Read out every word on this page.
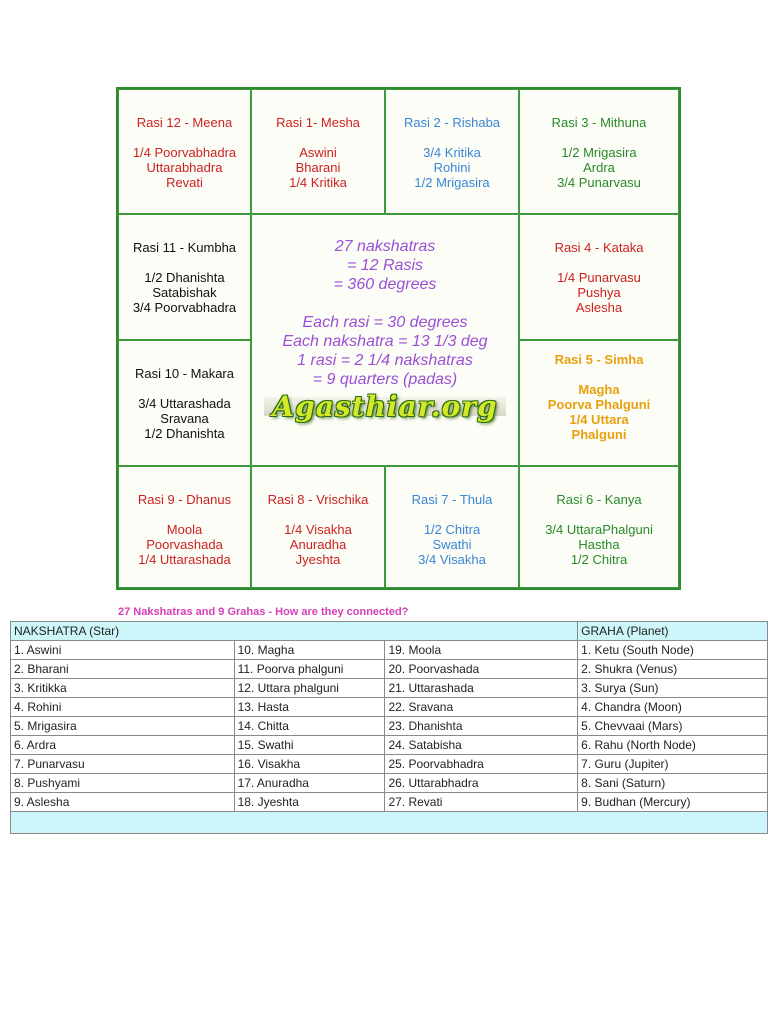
Rasi 12 - Meena
1/4 Poorvabhadra
Uttarabhadra
Revati
Rasi 1- Mesha
Aswini
Bharani
1/4 Kritika
Rasi 2 - Rishaba
3/4 Kritika
Rohini
1/2 Mrigasira
Rasi 3 - Mithuna
1/2 Mrigasira
Ardra
3/4 Punarvasu
Rasi 11 - Kumbha
1/2 Dhanishta
Satabishak
3/4 Poorvabhadra
27 nakshatras
= 12 Rasis
= 360 degrees
Each rasi = 30 degrees
Each nakshatra = 13 1/3 deg
1 rasi = 2 1/4 nakshatras
= 9 quarters (padas)
Agasthiar.org
Rasi 4 - Kataka
1/4 Punarvasu
Pushya
Aslesha
Rasi 10 - Makara
3/4 Uttarashada
Sravana
1/2 Dhanishta
Rasi 5 - Simha
Magha
Poorva Phalguni
1/4 Uttara
Phalguni
Rasi 9 - Dhanus
Moola
Poorvashada
1/4 Uttarashada
Rasi 8 - Vrischika
1/4 Visakha
Anuradha
Jyeshta
Rasi 7 - Thula
1/2 Chitra
Swathi
3/4 Visakha
Rasi 6 - Kanya
3/4 UttaraPhalguni
Hastha
1/2 Chitra
27 Nakshatras and 9 Grahas - How are they connected?
NAKSHATRA (Star)			GRAHA (Planet)
1. Aswini	10. Magha	19. Moola	1. Ketu (South Node)
2. Bharani	11. Poorva phalguni	20. Poorvashada	2. Shukra (Venus)
3. Kritikka	12. Uttara phalguni	21. Uttarashada	3. Surya (Sun)
4. Rohini	13. Hasta	22. Sravana	4. Chandra (Moon)
5. Mrigasira	14. Chitta	23. Dhanishta	5. Chevvaai (Mars)
6. Ardra	15. Swathi	24. Satabisha	6. Rahu (North Node)
7. Punarvasu	16. Visakha	25. Poorvabhadra	7. Guru (Jupiter)
8. Pushyami	17. Anuradha	26. Uttarabhadra	8. Sani (Saturn)
9. Aslesha	18. Jyeshta	27. Revati	9. Budhan (Mercury)
